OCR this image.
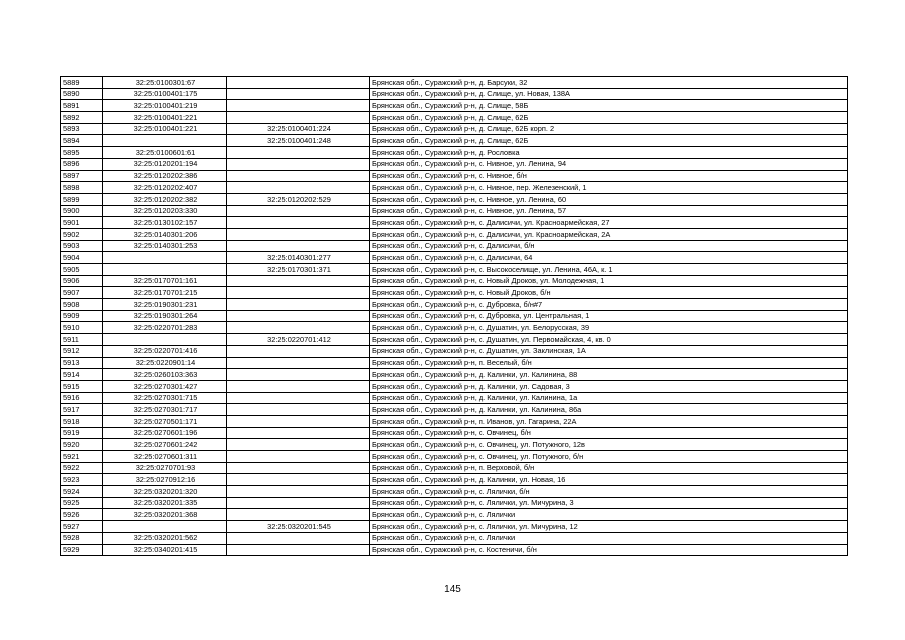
5889	32:25:0100301:67		Брянская обл., Суражский р-н, д. Барсуки, 32
5890	32:25:0100401:175		Брянская обл., Суражский р-н, д. Слище, ул. Новая, 138А
5891	32:25:0100401:219		Брянская обл., Суражский р-н, д. Слище, 58Б
5892	32:25:0100401:221		Брянская обл., Суражский р-н, д. Слище, 62Б
5893	32:25:0100401:221	32:25:0100401:224	Брянская обл., Суражский р-н, д. Слище, 62Б корп. 2
5894		32:25:0100401:248	Брянская обл., Суражский р-н, д. Слище, 62Б
5895	32:25:0100601:61		Брянская обл., Суражский р-н, д. Рословка
5896	32:25:0120201:194		Брянская обл., Суражский р-н, с. Нивное, ул. Ленина, 94
5897	32:25:0120202:386		Брянская обл., Суражский р-н, с. Нивное, б/н
5898	32:25:0120202:407		Брянская обл., Суражский р-н, с. Нивное, пер. Железенский, 1
5899	32:25:0120202:382	32:25:0120202:529	Брянская обл., Суражский р-н, с. Нивное, ул. Ленина, 60
5900	32:25:0120203:330		Брянская обл., Суражский р-н, с. Нивное, ул. Ленина, 57
5901	32:25:0130102:157		Брянская обл., Суражский р-н, с. Далисичи, ул. Красноармейская, 27
5902	32:25:0140301:206		Брянская обл., Суражский р-н, с. Далисичи, ул. Красноармейская, 2А
5903	32:25:0140301:253		Брянская обл., Суражский р-н, с. Далисичи, б/н
5904		32:25:0140301:277	Брянская обл., Суражский р-н, с. Далисичи, 64
5905		32:25:0170301:371	Брянская обл., Суражский р-н, с. Высокоселище, ул. Ленина, 46А, к. 1
5906	32:25:0170701:161		Брянская обл., Суражский р-н, с. Новый Дроков, ул. Молодежная, 1
5907	32:25:0170701:215		Брянская обл., Суражский р-н, с. Новый Дроков, б/н
5908	32:25:0190301:231		Брянская обл., Суражский р-н, с. Дубровка, б/н#7
5909	32:25:0190301:264		Брянская обл., Суражский р-н, с. Дубровка, ул. Центральная, 1
5910	32:25:0220701:283		Брянская обл., Суражский р-н, с. Душатин, ул. Белорусская, 39
5911		32:25:0220701:412	Брянская обл., Суражский р-н, с. Душатин, ул. Первомайская, 4, кв. 0
5912	32:25:0220701:416		Брянская обл., Суражский р-н, с. Душатин, ул. Заклинская, 1А
5913	32:25:0220901:14		Брянская обл., Суражский р-н, п. Веселый, б/н
5914	32:25:0260103:363		Брянская обл., Суражский р-н, д. Калинки, ул. Калинина, 88
5915	32:25:0270301:427		Брянская обл., Суражский р-н, д. Калинки, ул. Садовая, 3
5916	32:25:0270301:715		Брянская обл., Суражский р-н, д. Калинки, ул. Калинина, 1а
5917	32:25:0270301:717		Брянская обл., Суражский р-н, д. Калинки, ул. Калинина, 86а
5918	32:25:0270501:171		Брянская обл., Суражский р-н, п. Иванов, ул. Гагарина, 22А
5919	32:25:0270601:196		Брянская обл., Суражский р-н, с. Овчинец, б/н
5920	32:25:0270601:242		Брянская обл., Суражский р-н, с. Овчинец, ул. Потужного, 12в
5921	32:25:0270601:311		Брянская обл., Суражский р-н, с. Овчинец, ул. Потужного, б/н
5922	32:25:0270701:93		Брянская обл., Суражский р-н, п. Верховой, б/н
5923	32:25:0270912:16		Брянская обл., Суражский р-н, д. Калинки, ул. Новая, 16
5924	32:25:0320201:320		Брянская обл., Суражский р-н, с. Лялички, б/н
5925	32:25:0320201:335		Брянская обл., Суражский р-н, с. Лялички, ул. Мичурина, 3
5926	32:25:0320201:368		Брянская обл., Суражский р-н, с. Лялички
5927		32:25:0320201:545	Брянская обл., Суражский р-н, с. Лялички, ул. Мичурина, 12
5928	32:25:0320201:562		Брянская обл., Суражский р-н, с. Лялички
5929	32:25:0340201:415		Брянская обл., Суражский р-н, с. Костеничи, б/н
145
